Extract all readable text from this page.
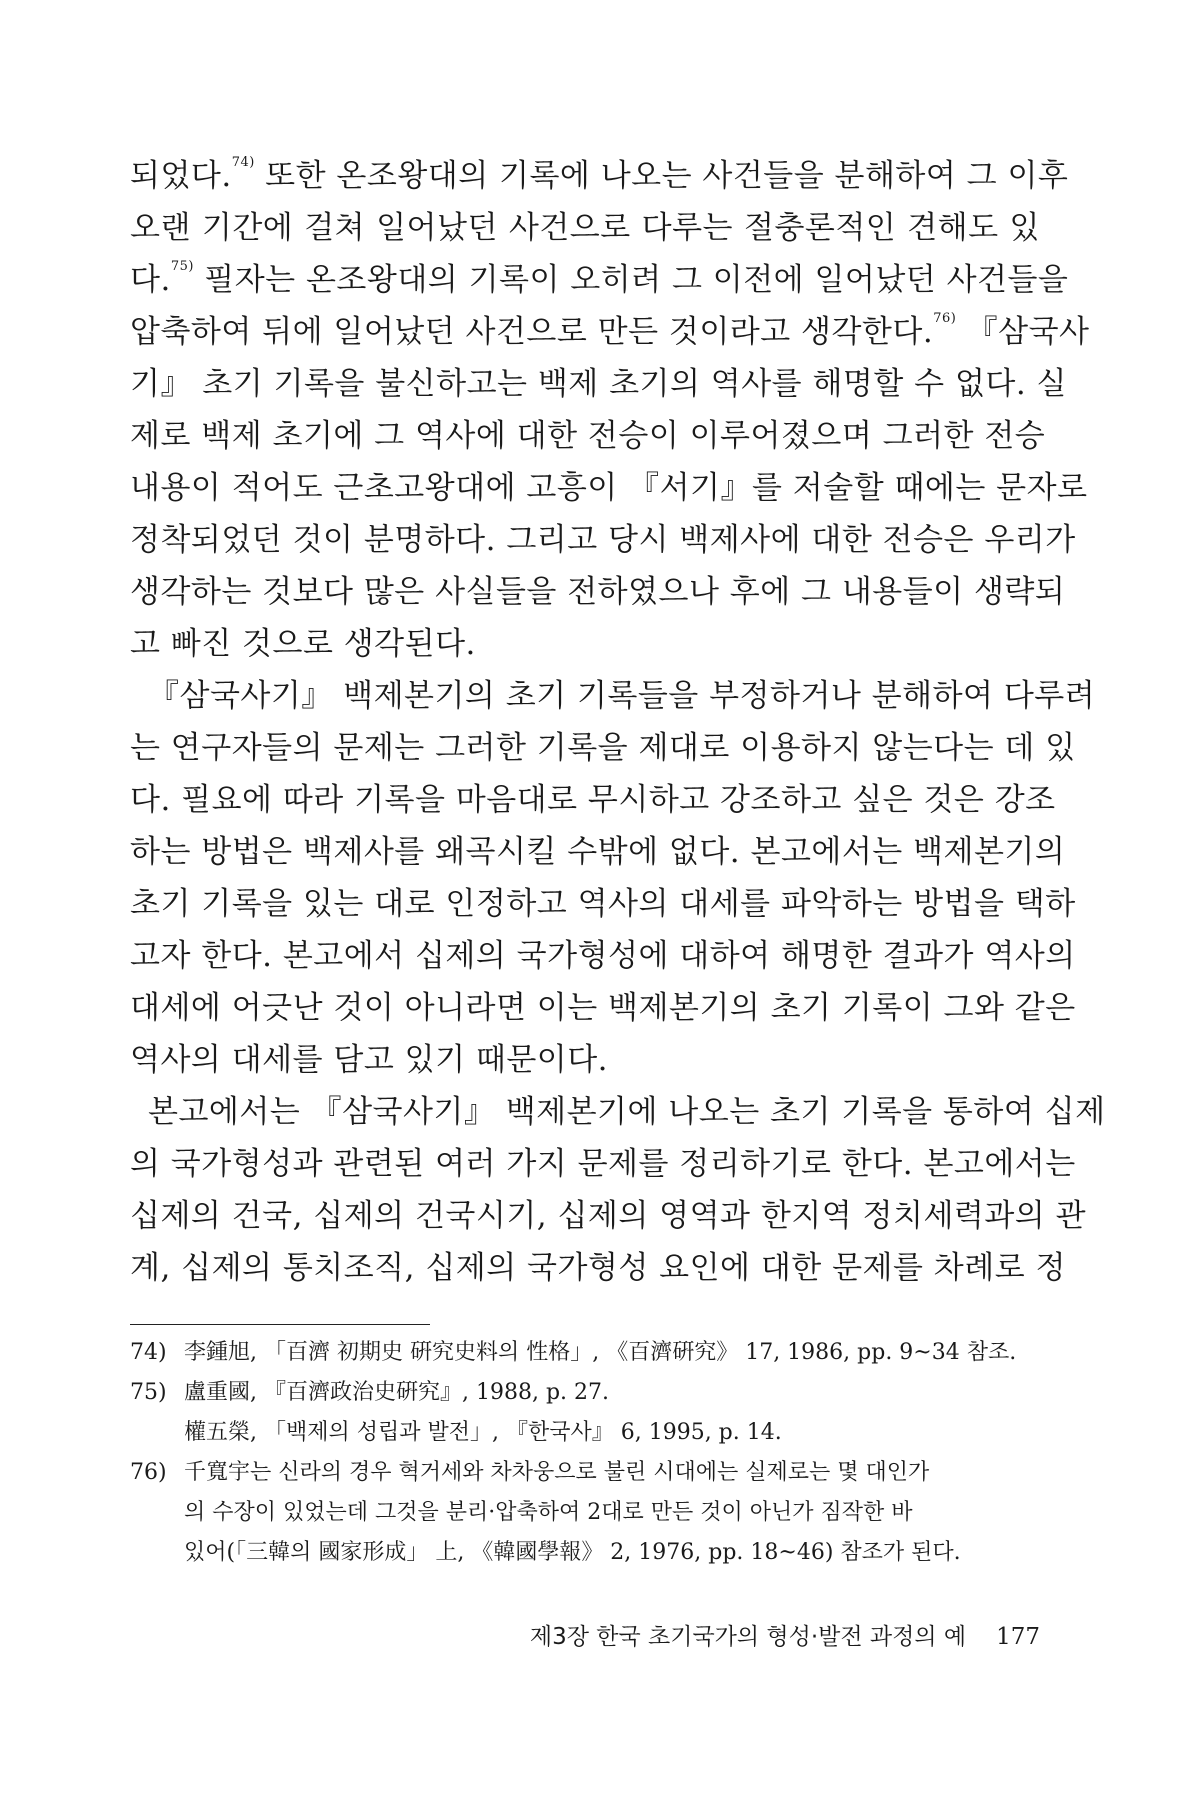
되었다.$^{74)}$ 또한 온조왕대의 기록에 나오는 사건들을 분해하여 그 이후
오랜 기간에 걸쳐 일어났던 사건으로 다루는 절충론적인 견해도 있
다.$^{75)}$ 필자는 온조왕대의 기록이 오히려 그 이전에 일어났던 사건들을
압축하여 뒤에 일어났던 사건으로 만든 것이라고 생각한다.$^{76)}$ 『삼국사
기』 초기 기록을 불신하고는 백제 초기의 역사를 해명할 수 없다. 실
제로 백제 초기에 그 역사에 대한 전승이 이루어졌으며 그러한 전승
내용이 적어도 근초고왕대에 고흥이 『서기』를 저술할 때에는 문자로
정착되었던 것이 분명하다. 그리고 당시 백제사에 대한 전승은 우리가
생각하는 것보다 많은 사실들을 전하였으나 후에 그 내용들이 생략되
고 빠진 것으로 생각된다.
『삼국사기』 백제본기의 초기 기록들을 부정하거나 분해하여 다루려
는 연구자들의 문제는 그러한 기록을 제대로 이용하지 않는다는 데 있
다. 필요에 따라 기록을 마음대로 무시하고 강조하고 싶은 것은 강조
하는 방법은 백제사를 왜곡시킬 수밖에 없다. 본고에서는 백제본기의
초기 기록을 있는 대로 인정하고 역사의 대세를 파악하는 방법을 택하
고자 한다. 본고에서 십제의 국가형성에 대하여 해명한 결과가 역사의
대세에 어긋난 것이 아니라면 이는 백제본기의 초기 기록이 그와 같은
역사의 대세를 담고 있기 때문이다.
본고에서는 『삼국사기』 백제본기에 나오는 초기 기록을 통하여 십제
의 국가형성과 관련된 여러 가지 문제를 정리하기로 한다. 본고에서는
십제의 건국, 십제의 건국시기, 십제의 영역과 한지역 정치세력과의 관
계, 십제의 통치조직, 십제의 국가형성 요인에 대한 문제를 차례로 정
74) 李鍾旭, 「百濟 初期史 硏究史料의 性格」, 《百濟硏究》 17, 1986, pp. 9~34 참조.
75) 盧重國, 『百濟政治史硏究』, 1988, p. 27.
權五榮, 「백제의 성립과 발전」, 『한국사』 6, 1995, p. 14.
76) 千寬宇는 신라의 경우 혁거세와 차차웅으로 불린 시대에는 실제로는 몇 대인가
의 수장이 있었는데 그것을 분리·압축하여 2대로 만든 것이 아닌가 짐작한 바
있어(「三韓의 國家形成」 上, 《韓國學報》 2, 1976, pp. 18~46) 참조가 된다.
제3장 한국 초기국가의 형성·발전 과정의 예 177
